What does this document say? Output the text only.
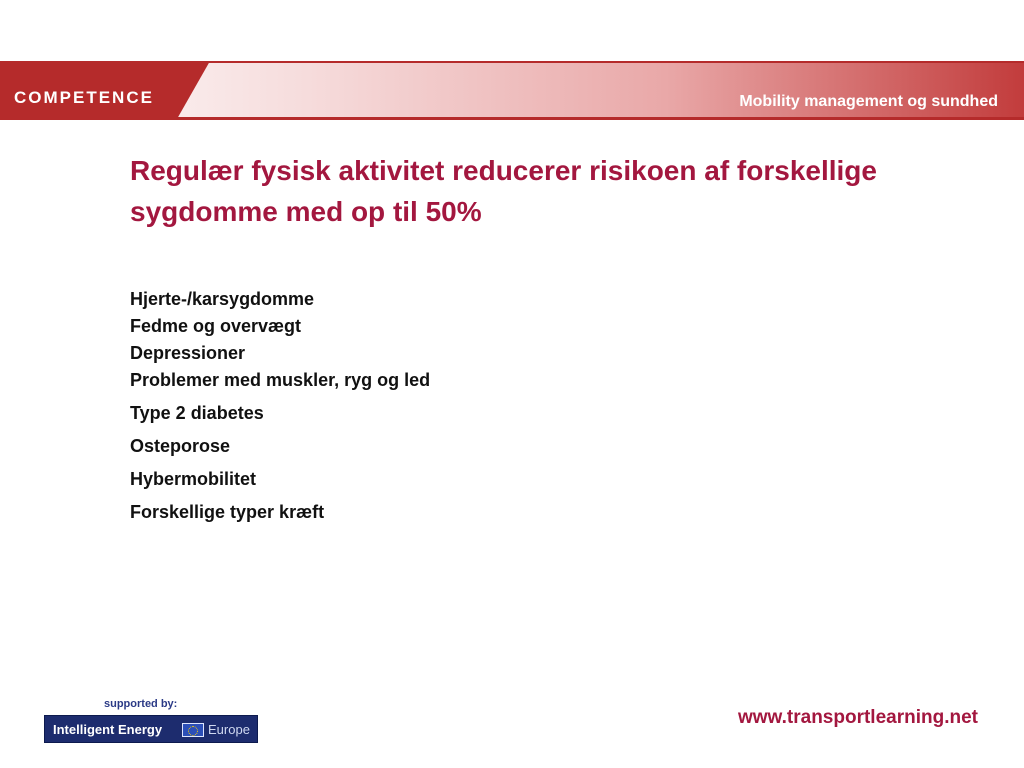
COMPETENCE	Mobility management og sundhed
Regulær fysisk aktivitet reducerer risikoen af forskellige sygdomme med op til 50%
Hjerte-/karsygdomme
Fedme og overvægt
Depressioner
Problemer med muskler, ryg og led
Type 2 diabetes
Osteporose
Hybermobilitet
Forskellige typer kræft
supported by:
Intelligent Energy	Europe
www.transportlearning.net
